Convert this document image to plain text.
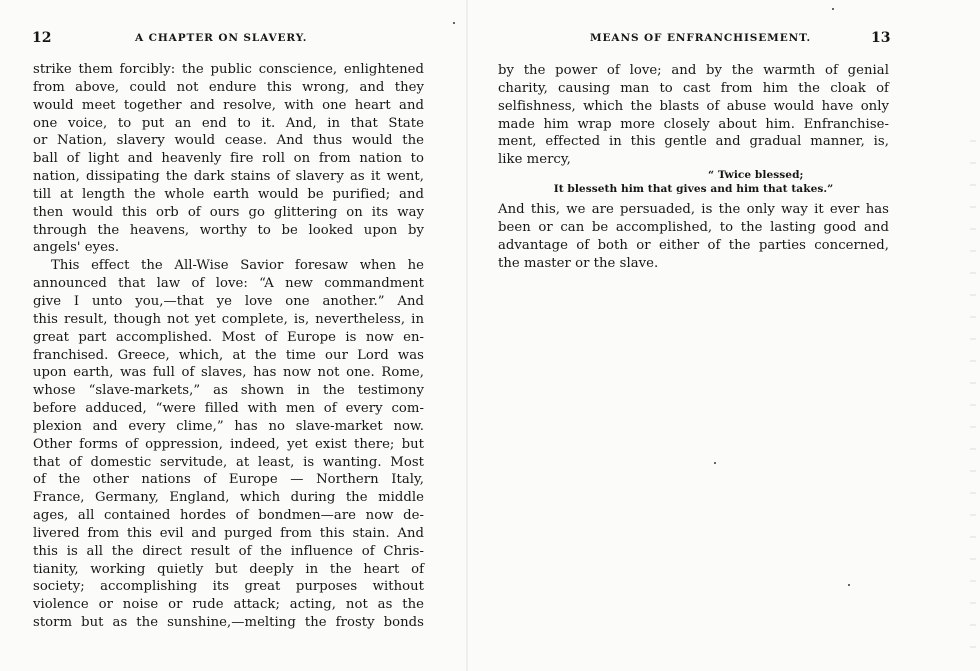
12	A CHAPTER ON SLAVERY.
strike them forcibly: the public conscience, enlightened
from above, could not endure this wrong, and they
would meet together and resolve, with one heart and
one voice, to put an end to it. And, in that State
or Nation, slavery would cease. And thus would the
ball of light and heavenly fire roll on from nation to
nation, dissipating the dark stains of slavery as it went,
till at length the whole earth would be purified; and
then would this orb of ours go glittering on its way
through the heavens, worthy to be looked upon by
angels' eyes.
This effect the All-Wise Savior foresaw when he
announced that law of love: “A new commandment
give I unto you,—that ye love one another.” And
this result, though not yet complete, is, nevertheless, in
great part accomplished. Most of Europe is now en-
franchised. Greece, which, at the time our Lord was
upon earth, was full of slaves, has now not one. Rome,
whose “slave-markets,” as shown in the testimony
before adduced, “were filled with men of every com-
plexion and every clime,” has no slave-market now.
Other forms of oppression, indeed, yet exist there; but
that of domestic servitude, at least, is wanting. Most
of the other nations of Europe — Northern Italy,
France, Germany, England, which during the middle
ages, all contained hordes of bondmen—are now de-
livered from this evil and purged from this stain. And
this is all the direct result of the influence of Chris-
tianity, working quietly but deeply in the heart of
society; accomplishing its great purposes without
violence or noise or rude attack; acting, not as the
storm but as the sunshine,—melting the frosty bonds
13
MEANS OF ENFRANCHISEMENT.
by the power of love; and by the warmth of genial
charity, causing man to cast from him the cloak of
selfishness, which the blasts of abuse would have only
made him wrap more closely about him. Enfranchise-
ment, effected in this gentle and gradual manner, is,
like mercy,
“ Twice blessed;
It blesseth him that gives and him that takes.”
And this, we are persuaded, is the only way it ever has
been or can be accomplished, to the lasting good and
advantage of both or either of the parties concerned,
the master or the slave.
